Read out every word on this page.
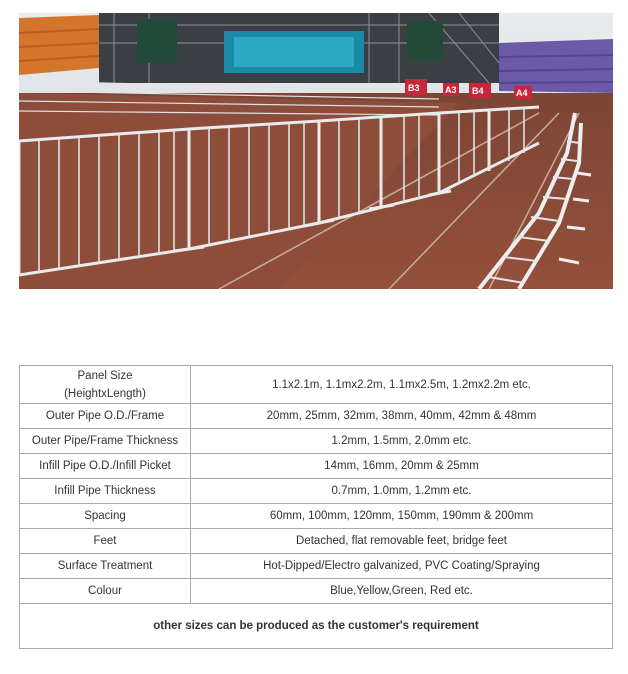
B3	A3 B4	A4
Panel Size
(HeightxLength)	1.1x2.1m, 1.1mx2.2m, 1.1mx2.5m, 1.2mx2.2m etc.
Outer Pipe O.D./Frame	20mm, 25mm, 32mm, 38mm, 40mm, 42mm & 48mm
Outer Pipe/Frame Thickness	1.2mm, 1.5mm, 2.0mm etc.
Infill Pipe O.D./Infill Picket	14mm, 16mm, 20mm & 25mm
Infill Pipe Thickness	0.7mm, 1.0mm, 1.2mm etc.
Spacing	60mm, 100mm, 120mm, 150mm, 190mm & 200mm
Feet	Detached, flat removable feet, bridge feet
Surface Treatment	Hot-Dipped/Electro galvanized, PVC Coating/Spraying
Colour	Blue,Yellow,Green, Red etc.
other sizes can be produced as the customer's requirement	
